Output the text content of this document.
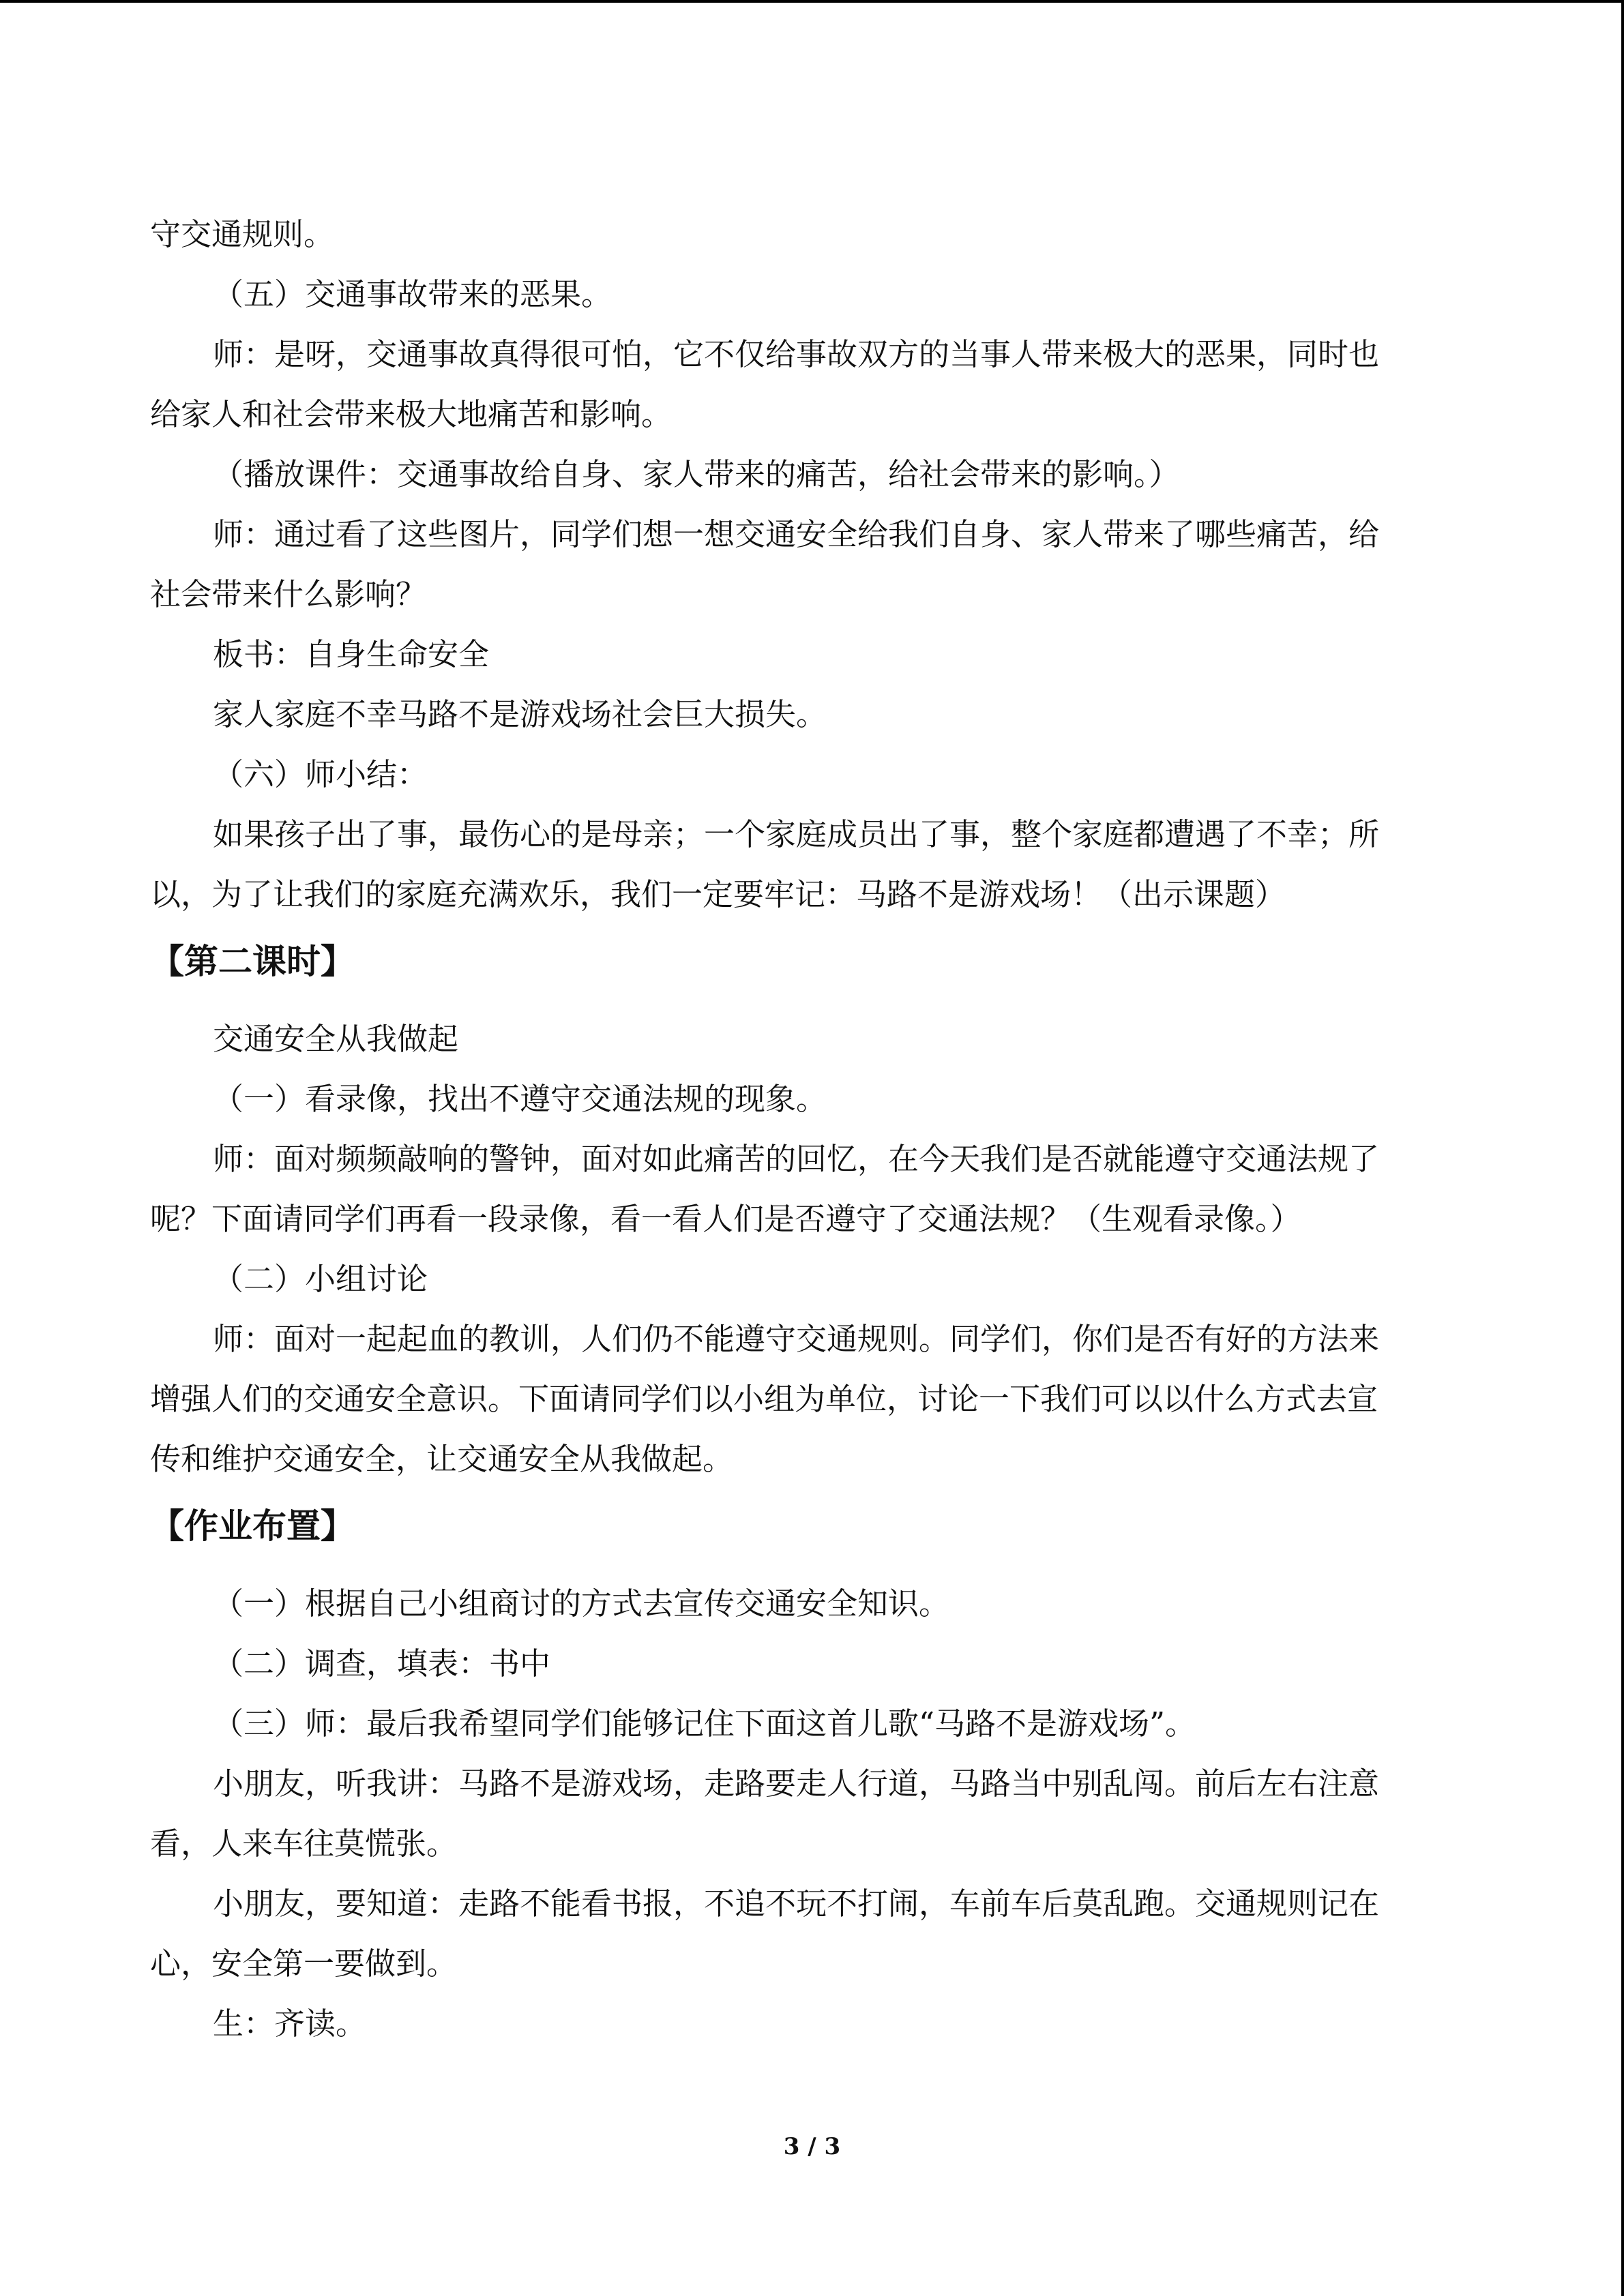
守交通规则。
（五）交通事故带来的恶果。
师：是呀，交通事故真得很可怕，它不仅给事故双方的当事人带来极大的恶果，同时也
给家人和社会带来极大地痛苦和影响。
（播放课件：交通事故给自身、家人带来的痛苦，给社会带来的影响。）
师：通过看了这些图片，同学们想一想交通安全给我们自身、家人带来了哪些痛苦，给
社会带来什么影响？
板书：自身生命安全
家人家庭不幸马路不是游戏场社会巨大损失。
（六）师小结：
如果孩子出了事，最伤心的是母亲；一个家庭成员出了事，整个家庭都遭遇了不幸；所
以，为了让我们的家庭充满欢乐，我们一定要牢记：马路不是游戏场！（出示课题）
【第二课时】
交通安全从我做起
（一）看录像，找出不遵守交通法规的现象。
师：面对频频敲响的警钟，面对如此痛苦的回忆，在今天我们是否就能遵守交通法规了
呢？下面请同学们再看一段录像，看一看人们是否遵守了交通法规？（生观看录像。）
（二）小组讨论
师：面对一起起血的教训，人们仍不能遵守交通规则。同学们，你们是否有好的方法来
增强人们的交通安全意识。下面请同学们以小组为单位，讨论一下我们可以以什么方式去宣
传和维护交通安全，让交通安全从我做起。
【作业布置】
（一）根据自己小组商讨的方式去宣传交通安全知识。
（二）调查，填表：书中
（三）师：最后我希望同学们能够记住下面这首儿歌“马路不是游戏场”。
小朋友，听我讲：马路不是游戏场，走路要走人行道，马路当中别乱闯。前后左右注意
看，人来车往莫慌张。
小朋友，要知道：走路不能看书报，不追不玩不打闹，车前车后莫乱跑。交通规则记在
心，安全第一要做到。
生：齐读。
3 / 3
